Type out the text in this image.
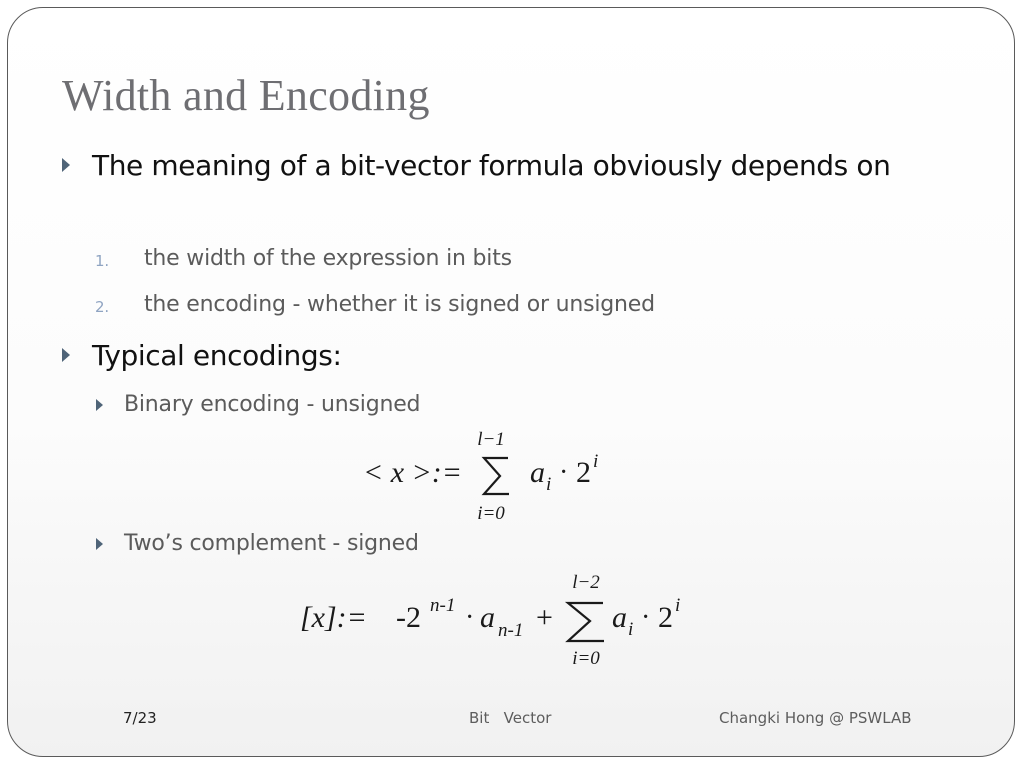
Width and Encoding
The meaning of a bit-vector formula obviously depends on
1. the width of the expression in bits
2. the encoding - whether it is signed or unsigned
Typical encodings:
Binary encoding - unsigned
< x >:=
l−1
i=0
a i · 2 i
Two’s complement - signed
[x]:= -2 n-1 · a n-1 +
l−2
i=0
a i · 2 i
7/23	Bit   Vector	Changki Hong @ PSWLAB
